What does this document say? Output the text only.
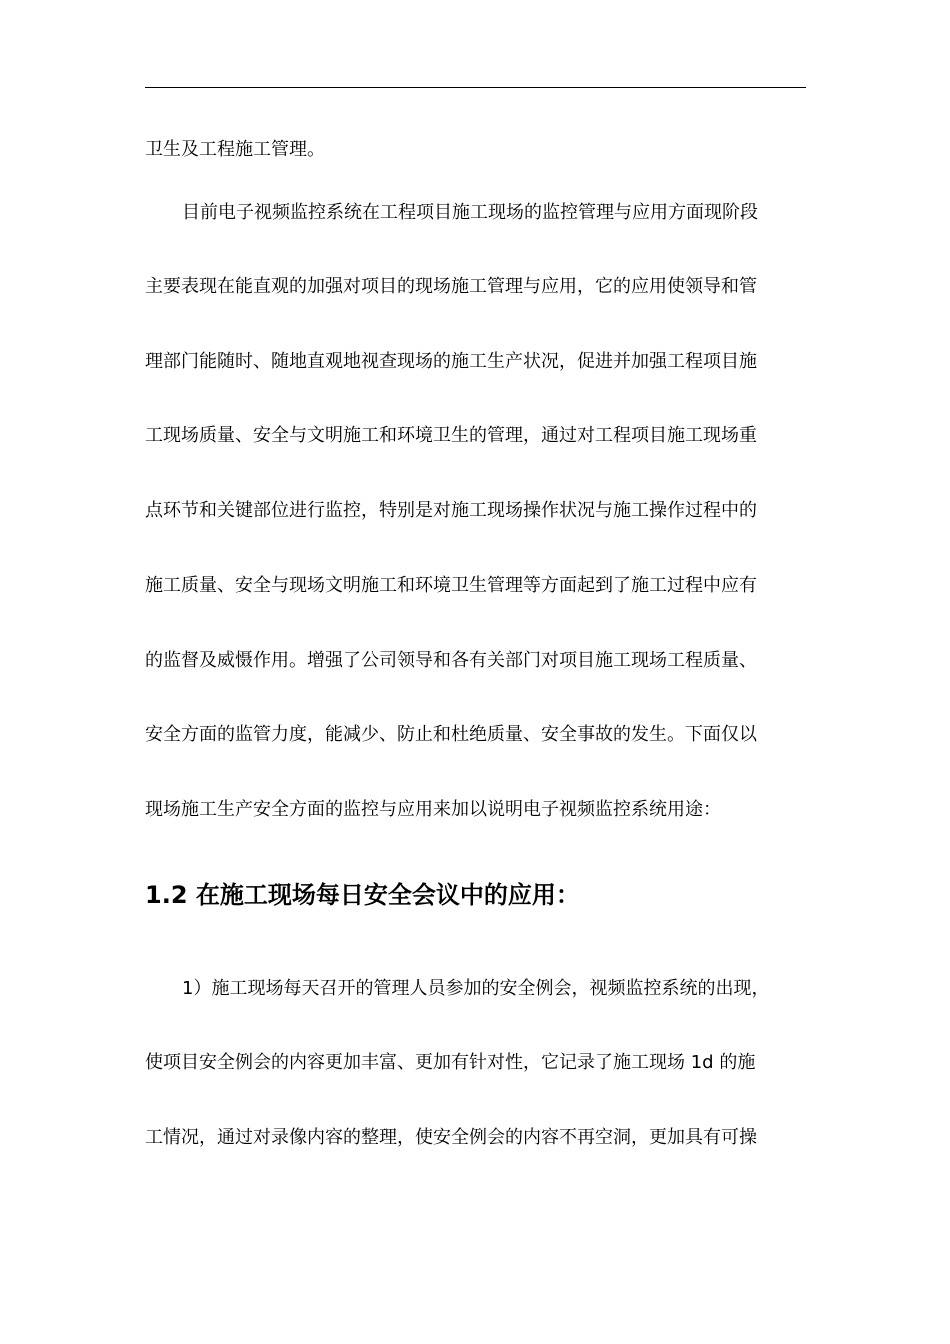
卫生及工程施工管理。
目前电子视频监控系统在工程项目施工现场的监控管理与应用方面现阶段
主要表现在能直观的加强对项目的现场施工管理与应用，它的应用使领导和管
理部门能随时、随地直观地视查现场的施工生产状况，促进并加强工程项目施
工现场质量、安全与文明施工和环境卫生的管理，通过对工程项目施工现场重
点环节和关键部位进行监控，特别是对施工现场操作状况与施工操作过程中的
施工质量、安全与现场文明施工和环境卫生管理等方面起到了施工过程中应有
的监督及威慑作用。增强了公司领导和各有关部门对项目施工现场工程质量、
安全方面的监管力度，能减少、防止和杜绝质量、安全事故的发生。下面仅以
现场施工生产安全方面的监控与应用来加以说明电子视频监控系统用途：
1.2 在施工现场每日安全会议中的应用：
1）施工现场每天召开的管理人员参加的安全例会，视频监控系统的出现，
使项目安全例会的内容更加丰富、更加有针对性，它记录了施工现场 1d 的施
工情况，通过对录像内容的整理，使安全例会的内容不再空洞，更加具有可操
